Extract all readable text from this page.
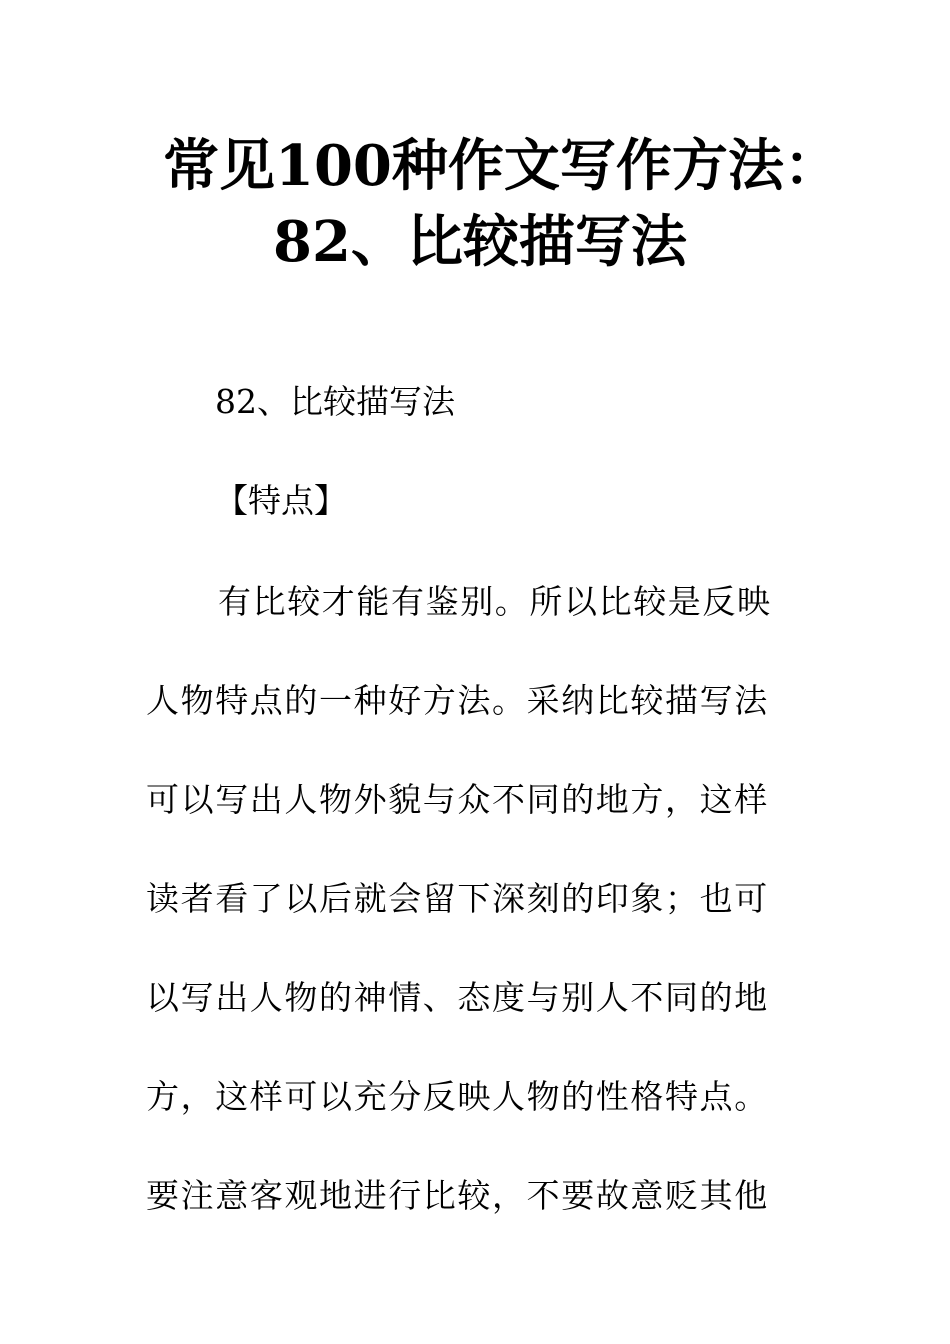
常见100种作文写作方法：
82、比较描写法
82、比较描写法
【特点】
有比较才能有鉴别。所以比较是反映
人物特点的一种好方法。采纳比较描写法
可以写出人物外貌与众不同的地方，这样
读者看了以后就会留下深刻的印象；也可
以写出人物的神情、态度与别人不同的地
方，这样可以充分反映人物的性格特点。
要注意客观地进行比较，不要故意贬其他
